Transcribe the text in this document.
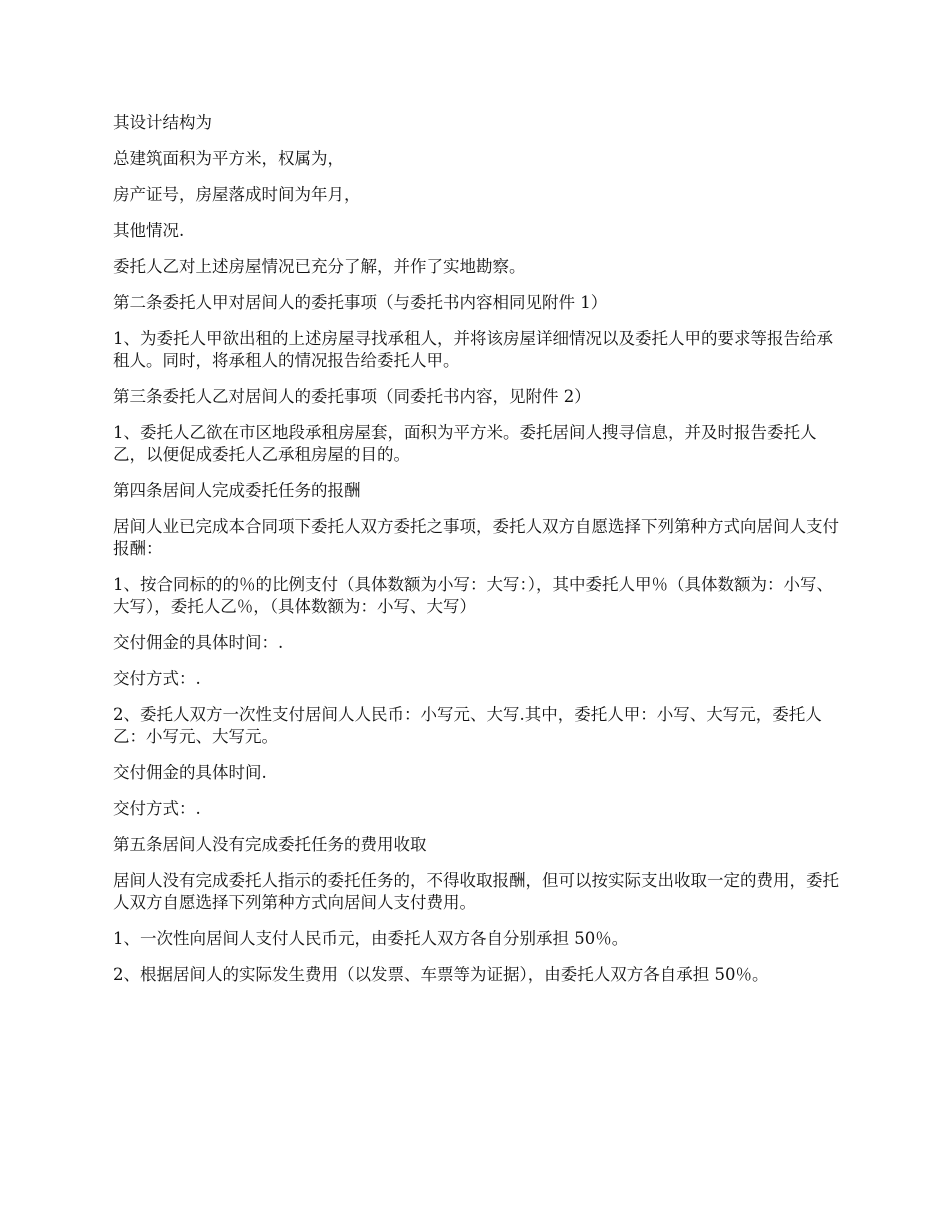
其设计结构为

总建筑面积为平方米，权属为，

房产证号，房屋落成时间为年月，

其他情况.

委托人乙对上述房屋情况已充分了解，并作了实地勘察。

第二条委托人甲对居间人的委托事项（与委托书内容相同见附件 1）

1、为委托人甲欲出租的上述房屋寻找承租人，并将该房屋详细情况以及委托人甲的要求等报告给承租人。同时，将承租人的情况报告给委托人甲。

第三条委托人乙对居间人的委托事项（同委托书内容，见附件 2）

1、委托人乙欲在市区地段承租房屋套，面积为平方米。委托居间人搜寻信息，并及时报告委托人乙，以便促成委托人乙承租房屋的目的。

第四条居间人完成委托任务的报酬

居间人业已完成本合同项下委托人双方委托之事项，委托人双方自愿选择下列第种方式向居间人支付报酬：

1、按合同标的的％的比例支付（具体数额为小写：大写：），其中委托人甲％（具体数额为：小写、大写），委托人乙％，（具体数额为：小写、大写）

交付佣金的具体时间：.

交付方式：.

2、委托人双方一次性支付居间人人民币：小写元、大写.其中，委托人甲：小写、大写元，委托人乙：小写元、大写元。

交付佣金的具体时间.

交付方式：.

第五条居间人没有完成委托任务的费用收取

居间人没有完成委托人指示的委托任务的，不得收取报酬，但可以按实际支出收取一定的费用，委托人双方自愿选择下列第种方式向居间人支付费用。

1、一次性向居间人支付人民币元，由委托人双方各自分别承担 50％。

2、根据居间人的实际发生费用（以发票、车票等为证据），由委托人双方各自承担 50％。
